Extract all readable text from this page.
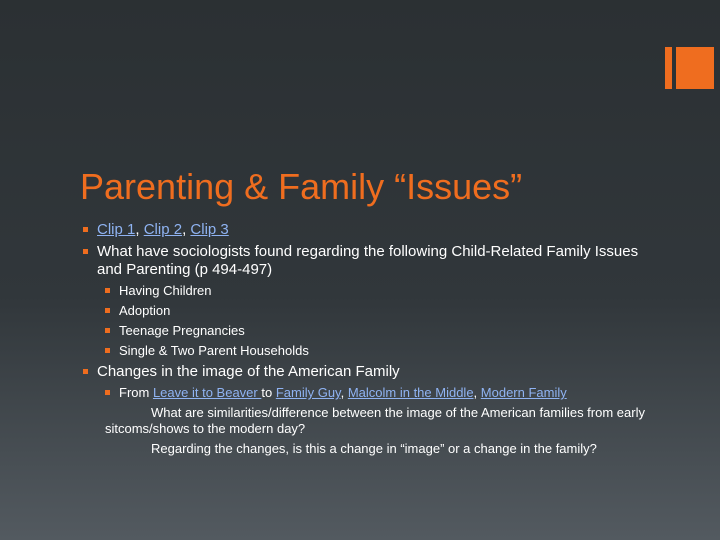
Parenting & Family “Issues”
Clip 1, Clip 2, Clip 3
What have sociologists found regarding the following Child-Related Family Issues and Parenting (p 494-497)
Having Children
Adoption
Teenage Pregnancies
Single & Two Parent Households
Changes in the image of the American Family
From Leave it to Beaver to Family Guy, Malcolm in the Middle, Modern Family
What are similarities/difference between the image of the American families from early sitcoms/shows to the modern day?
Regarding the changes, is this a change in “image” or a change in the family?
